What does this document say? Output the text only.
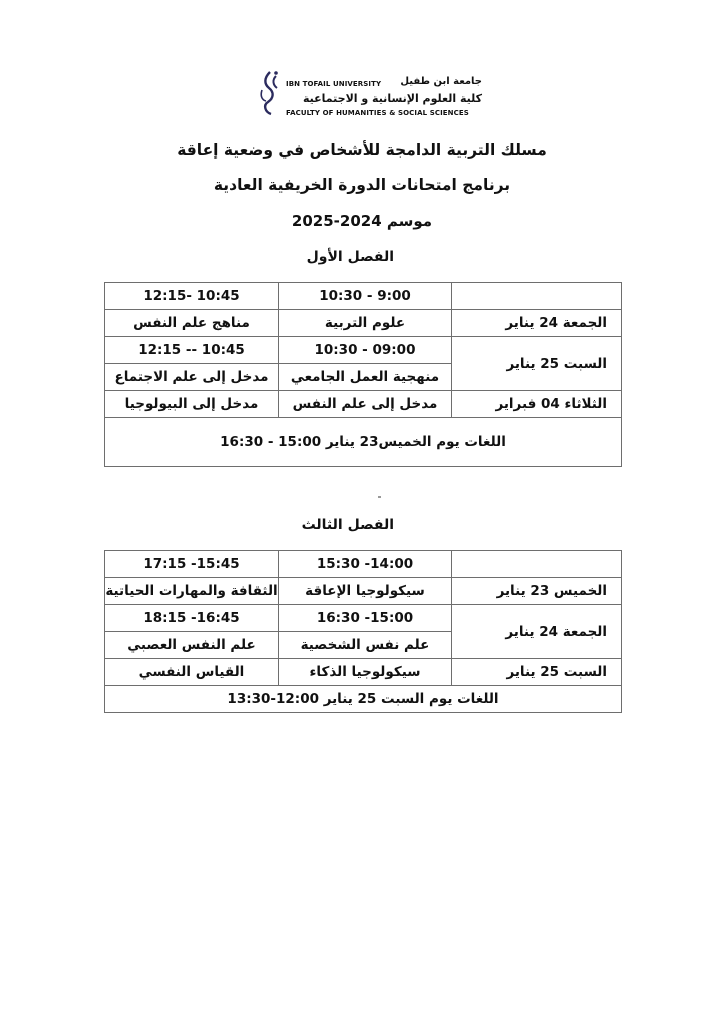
جامعة ابن طفيل
IBN TOFAIL UNIVERSITY
كلية العلوم الإنسانية و الاجتماعية
FACULTY OF HUMANITIES & SOCIAL SCIENCES
مسلك التربية الدامجة للأشخاص في وضعية إعاقة
برنامج امتحانات الدورة الخريفية العادية
موسم 2024-2025
الفصل الأول
	9:00 - 10:30	10:45 -12:15
الجمعة 24 يناير	علوم التربية	مناهج علم النفس
السبت 25 يناير	09:00 - 10:30	10:45 -- 12:15
	منهجية العمل الجامعي	مدخل إلى علم الاجتماع
الثلاثاء 04 فبراير	مدخل إلى علم النفس	مدخل إلى البيولوجيا
اللغات يوم الخميس23 يناير 15:00 - 16:30		
الفصل الثالث
	14:00- 15:30	15:45- 17:15
الخميس 23 يناير	سيكولوجيا الإعاقة	الثقافة والمهارات الحياتية
الجمعة 24 يناير	15:00- 16:30	16:45- 18:15
	علم نفس الشخصية	علم النفس العصبي
السبت 25 يناير	سيكولوجيا الذكاء	القياس النفسي
اللغات يوم السبت 25 يناير 12:00-13:30		
